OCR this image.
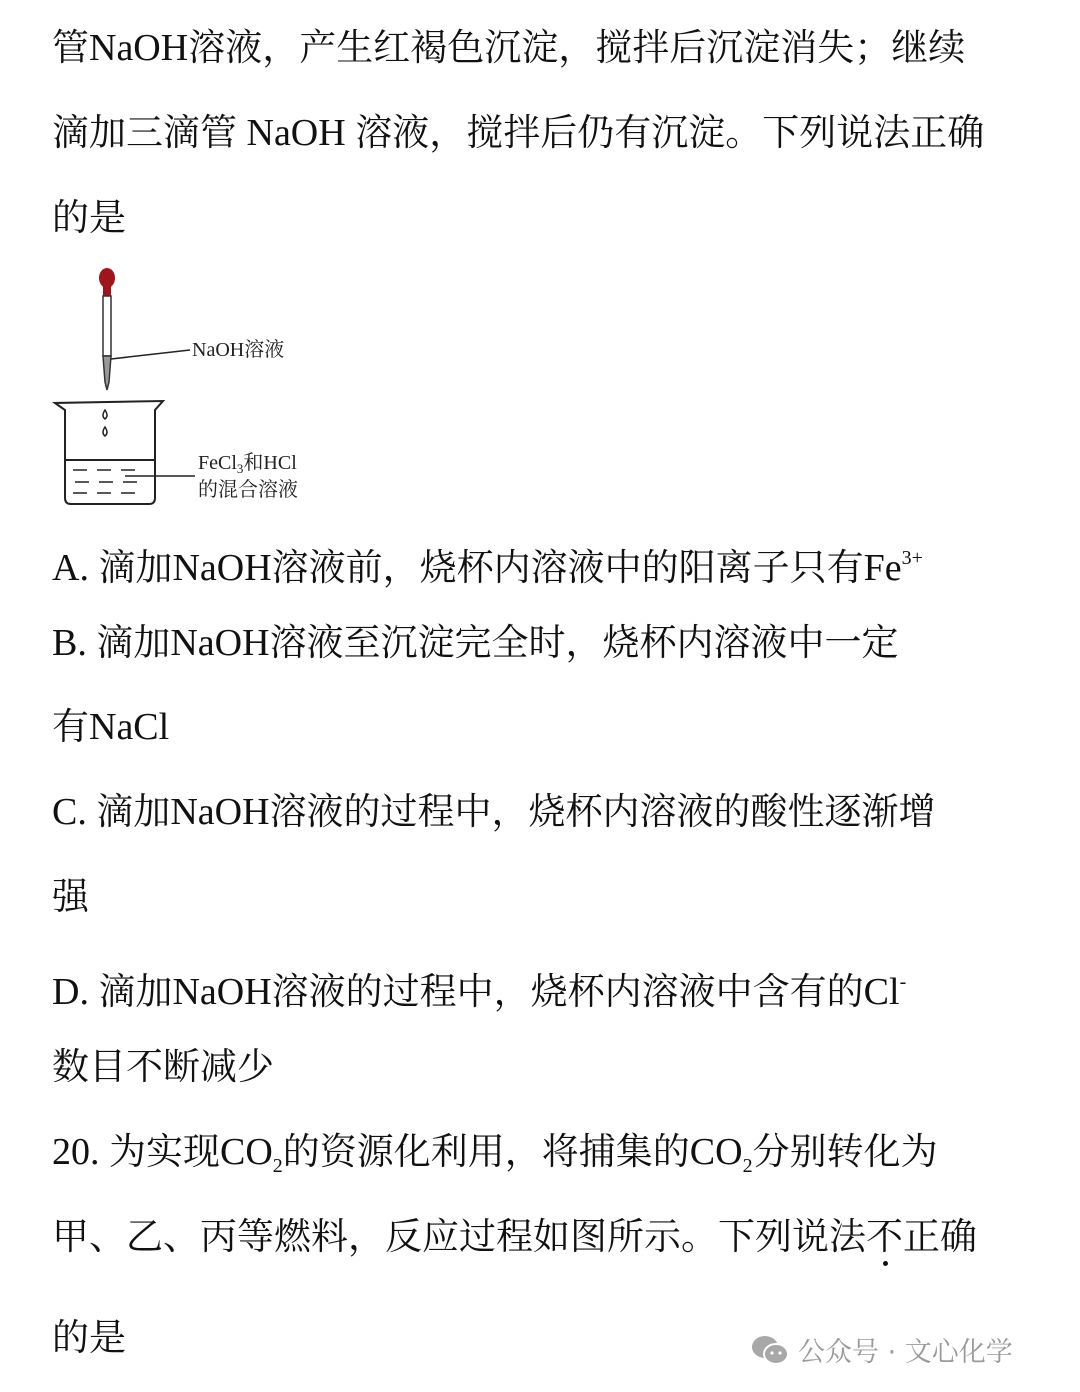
管NaOH溶液，产生红褐色沉淀，搅拌后沉淀消失；继续
滴加三滴管 NaOH 溶液，搅拌后仍有沉淀。下列说法正确
的是
A. 滴加NaOH溶液前，烧杯内溶液中的阳离子只有$Fe^{3+}$
B. 滴加NaOH溶液至沉淀完全时，烧杯内溶液中一定
有NaCl
C. 滴加NaOH溶液的过程中，烧杯内溶液的酸性逐渐增
强
D. 滴加NaOH溶液的过程中，烧杯内溶液中含有的Cl-
数目不断减少
20. 为实现$CO_2$的资源化利用，将捕集的$CO_2$分别转化为
甲、乙、丙等燃料，反应过程如图所示。下列说法不正确
的是
NaOH溶液
FeCl$_3$和HCl
的混合溶液
公众号 · 文心化学
